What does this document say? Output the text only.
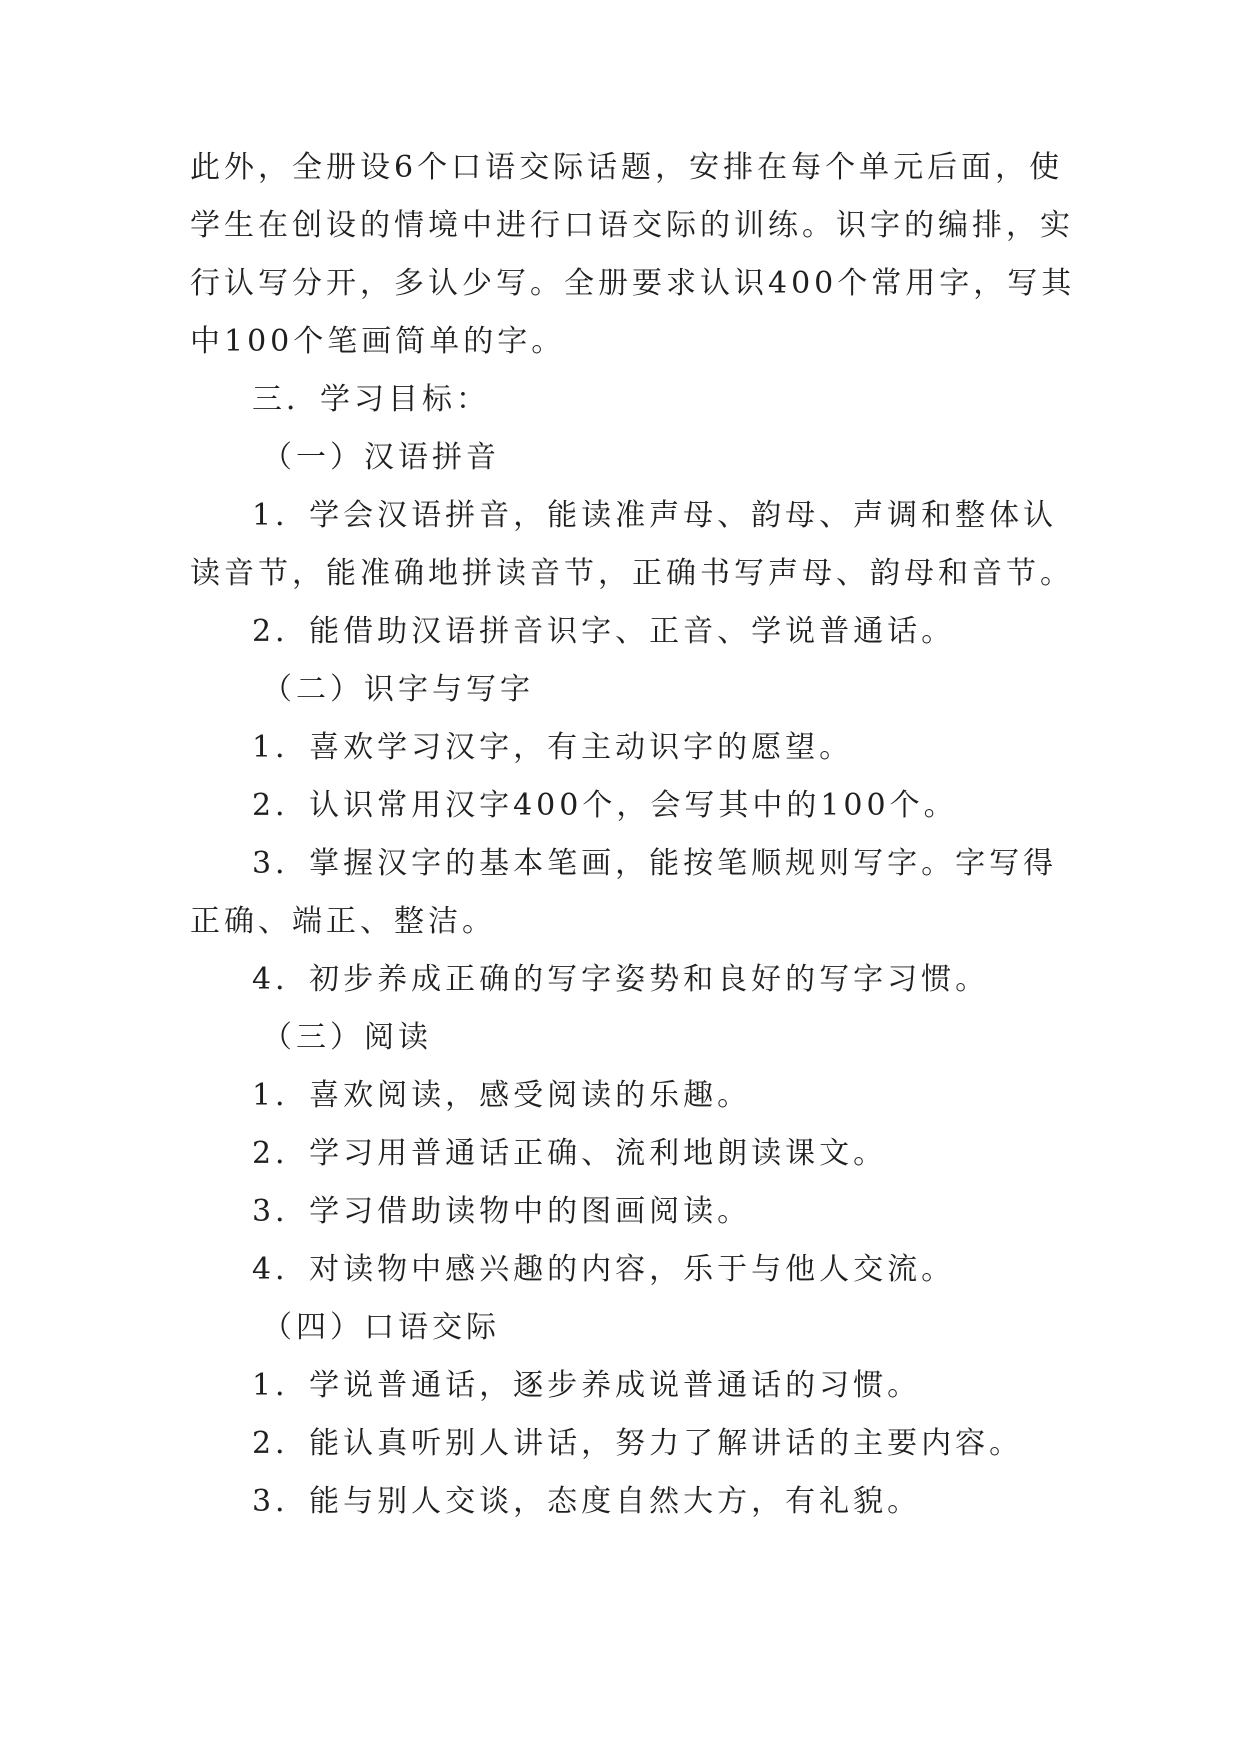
此外，全册设6个口语交际话题，安排在每个单元后面，使
学生在创设的情境中进行口语交际的训练。识字的编排，实
行认写分开，多认少写。全册要求认识400个常用字，写其
中100个笔画简单的字。
三．学习目标：
（一）汉语拼音
1．学会汉语拼音，能读准声母、韵母、声调和整体认
读音节，能准确地拼读音节，正确书写声母、韵母和音节。
2．能借助汉语拼音识字、正音、学说普通话。
（二）识字与写字
1．喜欢学习汉字，有主动识字的愿望。
2．认识常用汉字400个，会写其中的100个。
3．掌握汉字的基本笔画，能按笔顺规则写字。字写得
正确、端正、整洁。
4．初步养成正确的写字姿势和良好的写字习惯。
（三）阅读
1．喜欢阅读，感受阅读的乐趣。
2．学习用普通话正确、流利地朗读课文。
3．学习借助读物中的图画阅读。
4．对读物中感兴趣的内容，乐于与他人交流。
（四）口语交际
1．学说普通话，逐步养成说普通话的习惯。
2．能认真听别人讲话，努力了解讲话的主要内容。
3．能与别人交谈，态度自然大方，有礼貌。
